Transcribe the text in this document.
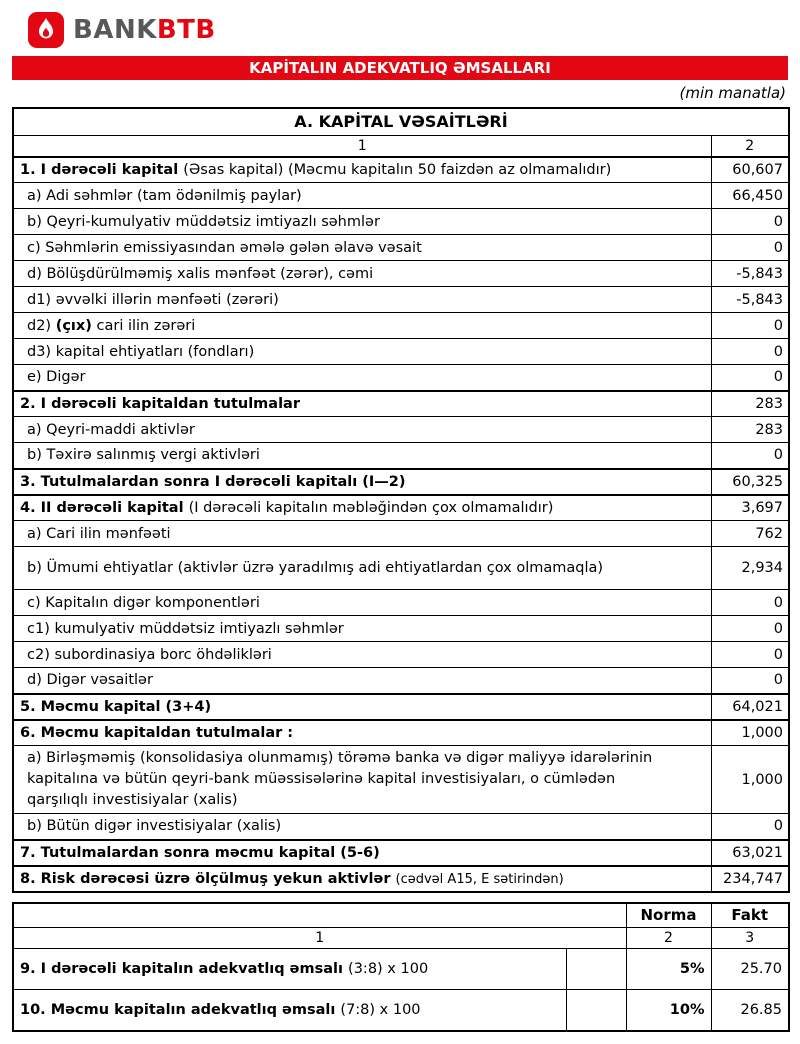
BANKBTB
KAPİTALIN ADEKVATLIQ ƏMSALLARI
(min manatla)
A. KAPİTAL VƏSAİTLƏRİ	
1	2
1. I dərəcəli kapital (Əsas kapital) (Məcmu kapitalın 50 faizdən az olmamalıdır)	60,607
a) Adi səhmlər (tam ödənilmiş paylar)	66,450
b) Qeyri-kumulyativ müddətsiz imtiyazlı səhmlər	0
c) Səhmlərin emissiyasından əmələ gələn əlavə vəsait	0
d) Bölüşdürülməmiş xalis mənfəət (zərər), cəmi	-5,843
d1) əvvəlki illərin mənfəəti (zərəri)	-5,843
d2) (çıx) cari ilin zərəri	0
d3) kapital ehtiyatları (fondları)	0
e) Digər	0
2. I dərəcəli kapitaldan tutulmalar	283
a) Qeyri-maddi aktivlər	283
b) Təxirə salınmış vergi aktivləri	0
3. Tutulmalardan sonra I dərəcəli kapitalı (I—2)	60,325
4. II dərəcəli kapital (I dərəcəli kapitalın məbləğindən çox olmamalıdır)	3,697
a) Cari ilin mənfəəti	762
b) Ümumi ehtiyatlar (aktivlər üzrə yaradılmış adi ehtiyatlardan çox olmamaqla)	2,934
c) Kapitalın digər komponentləri	0
c1) kumulyativ müddətsiz imtiyazlı səhmlər	0
c2) subordinasiya borc öhdəlikləri	0
d) Digər vəsaitlər	0
5. Məcmu kapital (3+4)	64,021
6. Məcmu kapitaldan tutulmalar :	1,000
a) Birləşməmiş (konsolidasiya olunmamış) törəmə banka və digər maliyyə idarələrinin kapitalına və bütün qeyri-bank müəssisələrinə kapital investisiyaları, o cümlədən qarşılıqlı investisiyalar (xalis)	1,000
b) Bütün digər investisiyalar (xalis)	0
7. Tutulmalardan sonra məcmu kapital (5-6)	63,021
8. Risk dərəcəsi üzrə ölçülmuş yekun aktivlər (cədvəl A15, E sətirindən)	234,747
		Norma	Fakt
1		2	3
9. I dərəcəli kapitalın adekvatlıq əmsalı (3:8) x 100		5%	25.70
10. Məcmu kapitalın adekvatlıq əmsalı (7:8) x 100		10%	26.85
